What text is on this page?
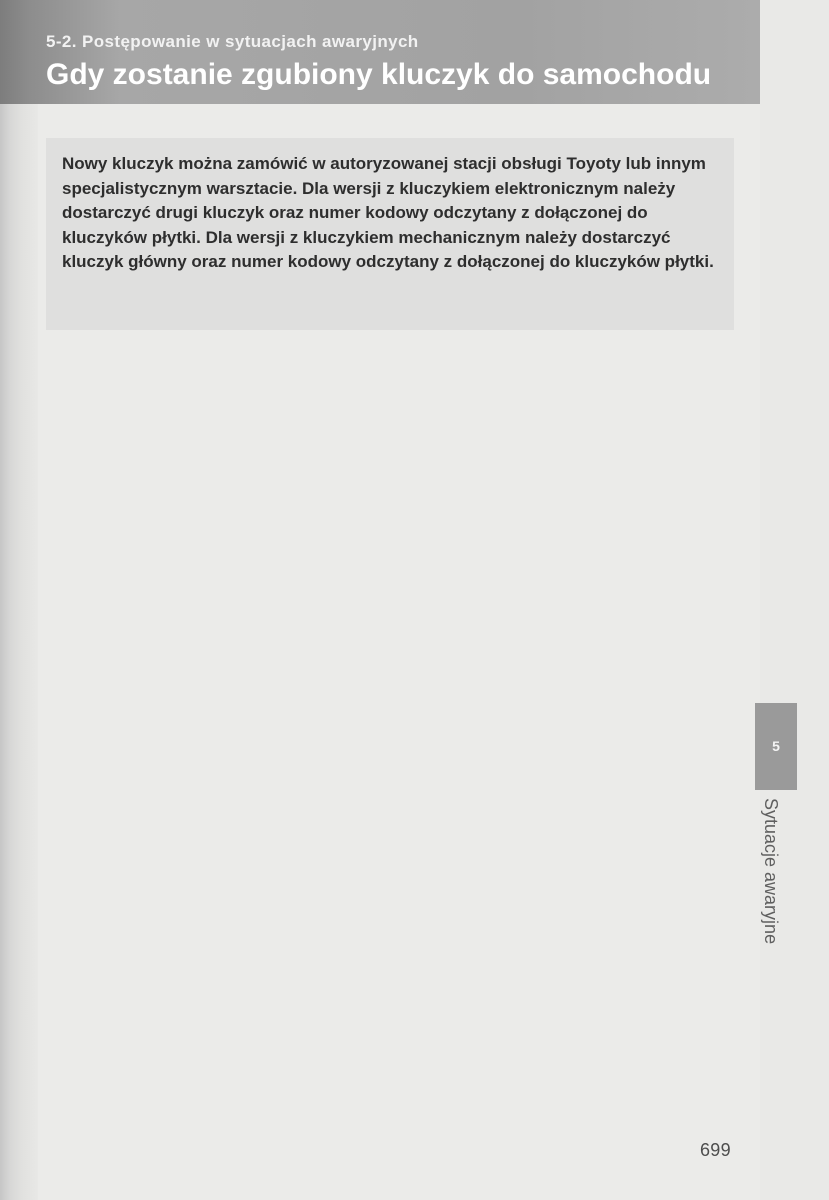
5-2. Postępowanie w sytuacjach awaryjnych
Gdy zostanie zgubiony kluczyk do samochodu

Nowy kluczyk można zamówić w autoryzowanej stacji obsługi Toyoty lub innym specjalistycznym warsztacie. Dla wersji z kluczykiem elektronicznym należy dostarczyć drugi kluczyk oraz numer kodowy odczytany z dołączonej do kluczyków płytki. Dla wersji z kluczykiem mechanicznym należy dostarczyć kluczyk główny oraz numer kodowy odczytany z dołączonej do kluczyków płytki.

5
Sytuacje awaryjne
699
